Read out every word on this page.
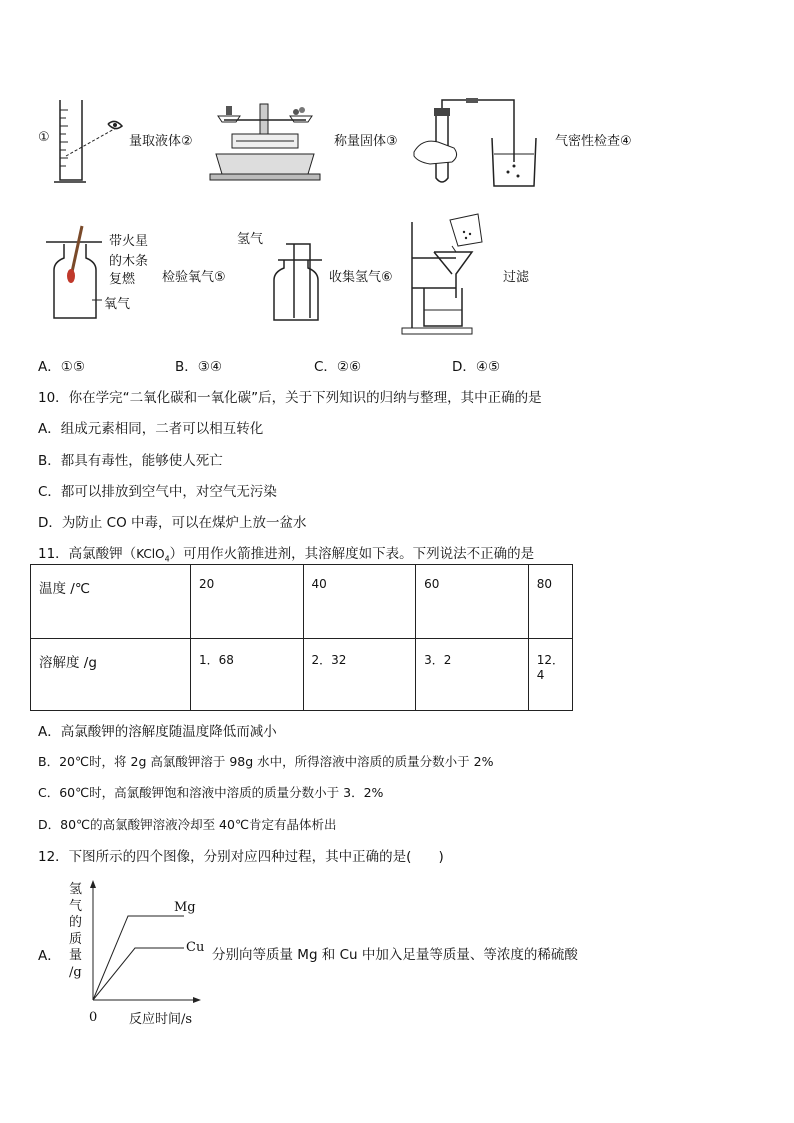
①	量取液体②	称量固体③	气密性检查④
带火星
的木条
复燃
氧气
检验氧气⑤
氢气
收集氢气⑥	过滤
A．①⑤	B．③④	C．②⑥	D．④⑤
10．你在学完“二氧化碳和一氧化碳”后，关于下列知识的归纳与整理，其中正确的是
A．组成元素相同，二者可以相互转化
B．都具有毒性，能够使人死亡
C．都可以排放到空气中，对空气无污染
D．为防止 CO 中毒，可以在煤炉上放一盆水
11．高氯酸钾（KClO$_4$）可用作火箭推进剂，其溶解度如下表。下列说法不正确的是
温度 /℃	20	40	60	80
溶解度 /g	1．68	2．32	3．2	12．4
A．高氯酸钾的溶解度随温度降低而减小
B．20℃时，将 2g 高氯酸钾溶于 98g 水中，所得溶液中溶质的质量分数小于 2%
C．60℃时，高氯酸钾饱和溶液中溶质的质量分数小于 3．2%
D．80℃的高氯酸钾溶液冷却至 40℃肯定有晶体析出
12．下图所示的四个图像，分别对应四种过程，其中正确的是(　　)
A．
氢
气
的
质
量
/g
Mg
Cu 分别向等质量 Mg 和 Cu 中加入足量等质量、等浓度的稀硫酸
0 反应时间/s
